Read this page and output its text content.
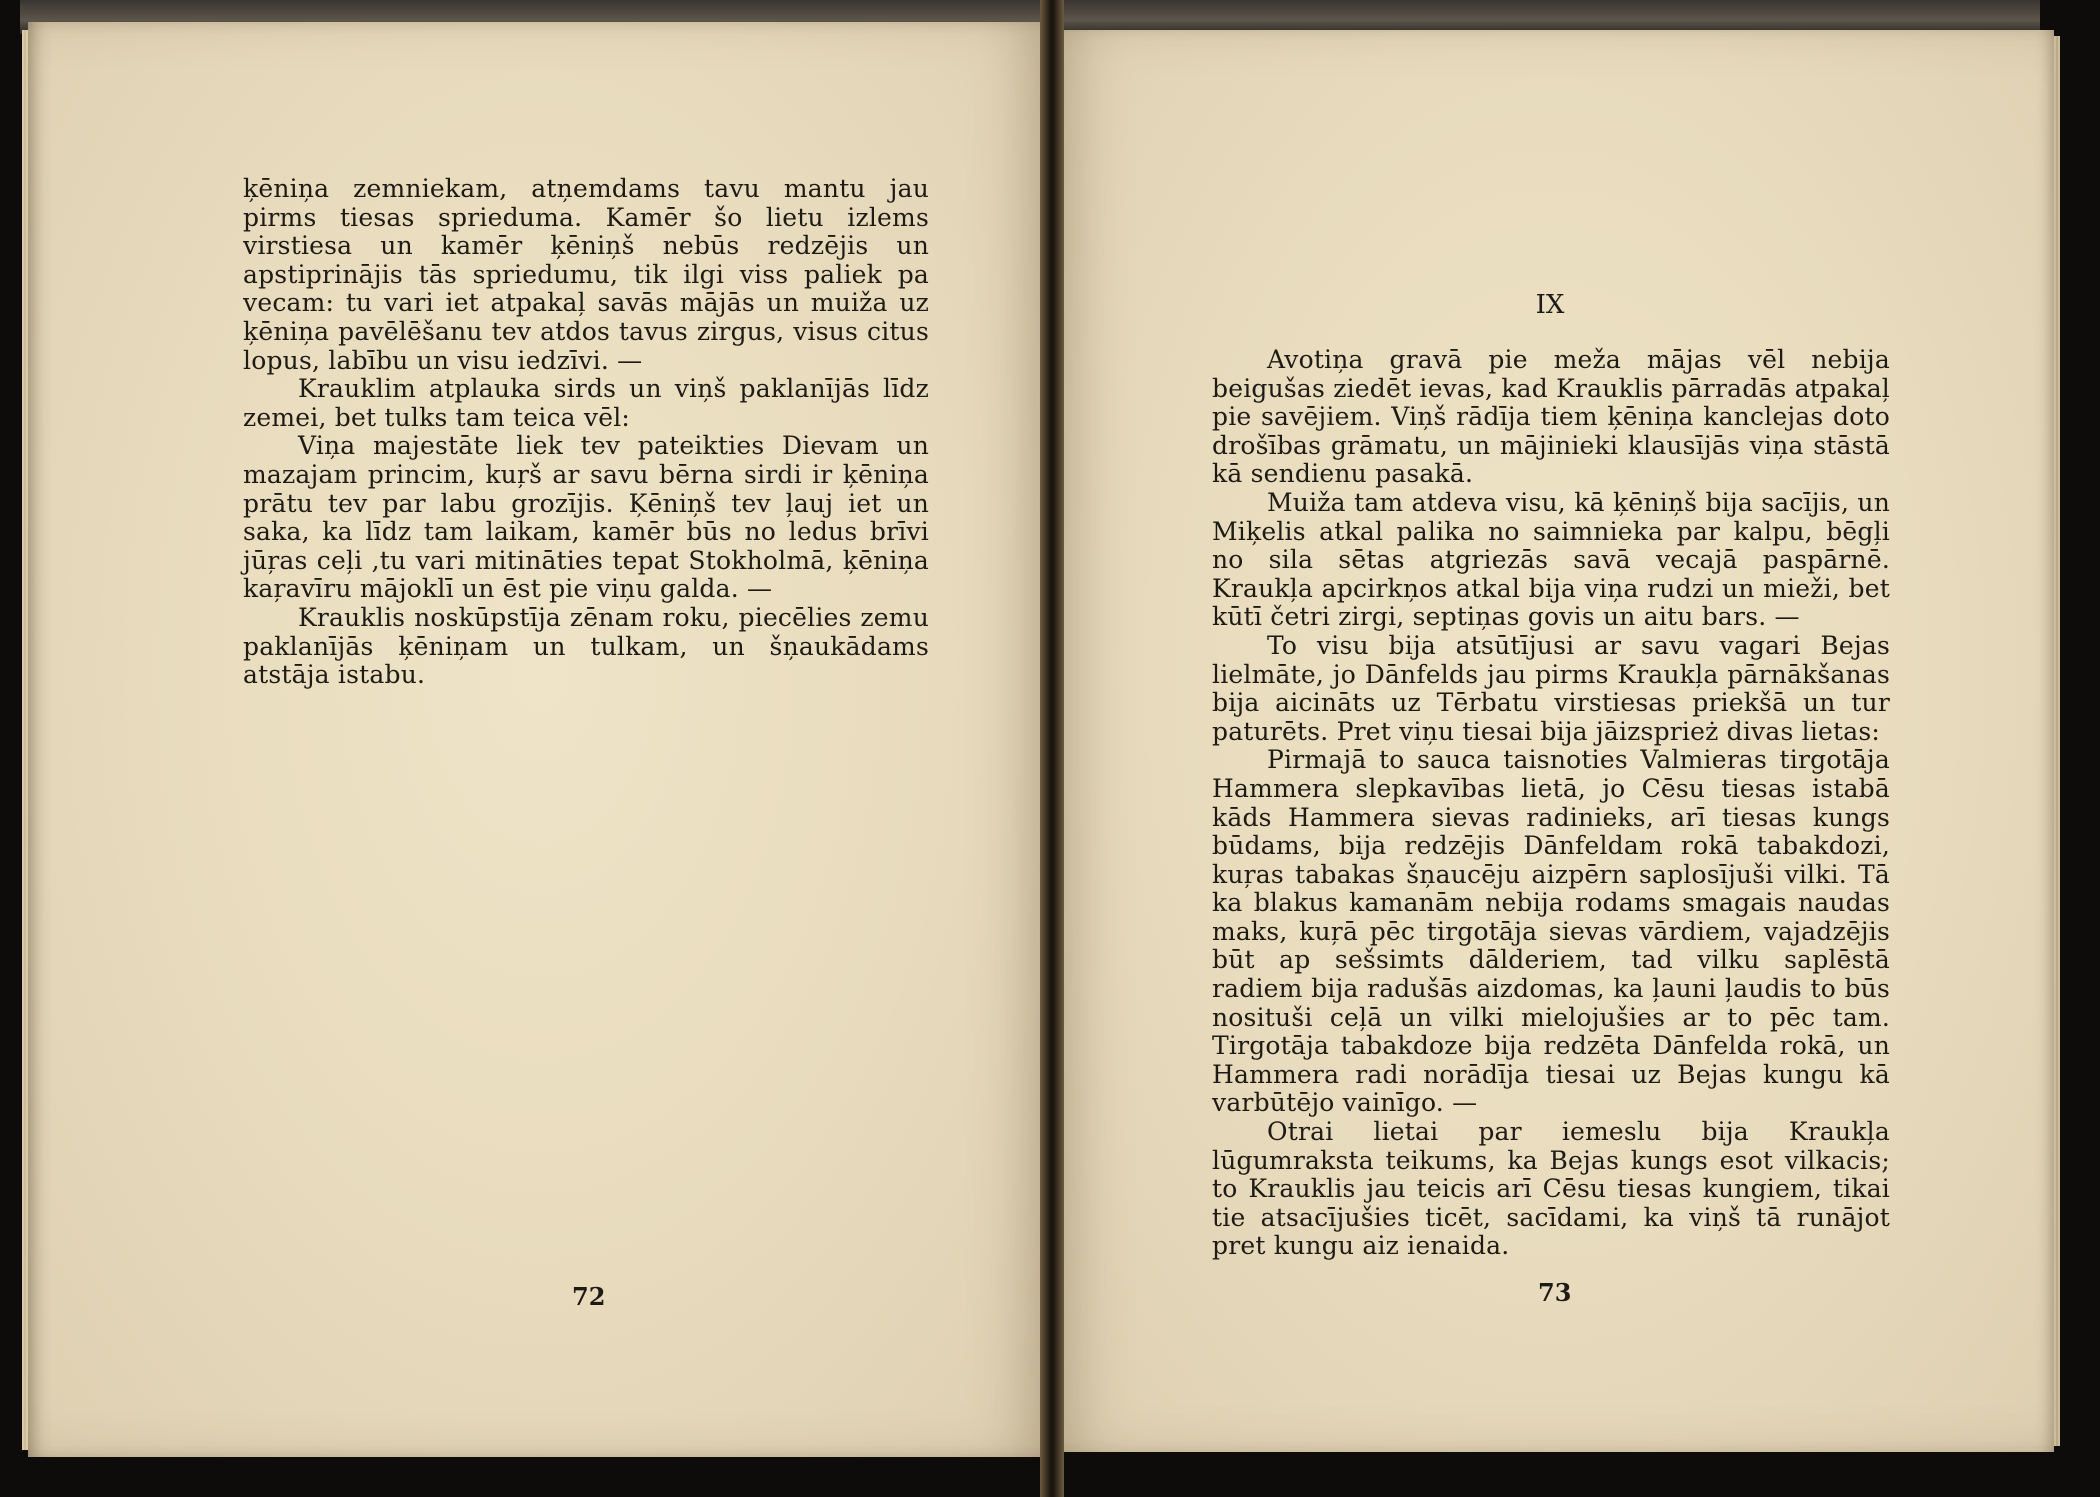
ķēniņa zemniekam, atņemdams tavu mantu jau pirms tiesas sprieduma. Kamēr šo lietu izlems virstiesa un kamēr ķēniņš nebūs redzējis un apstiprinājis tās spriedumu, tik ilgi viss paliek pa vecam: tu vari iet atpakaļ savās mājās un muiža uz ķēniņa pavēlēšanu tev atdos tavus zirgus, visus citus lopus, labību un visu iedzīvi. —

Krauklim atplauka sirds un viņš paklanījās līdz zemei, bet tulks tam teica vēl:

Viņa majestāte liek tev pateikties Dievam un mazajam princim, kuŗš ar savu bērna sirdi ir ķēniņa prātu tev par labu grozījis. Ķēniņš tev ļauj iet un saka, ka līdz tam laikam, kamēr būs no ledus brīvi jūŗas ceļi ,tu vari mitināties tepat Stokholmā, ķēniņa kaŗavīru mājoklī un ēst pie viņu galda. —

Krauklis noskūpstīja zēnam roku, piecēlies zemu paklanījās ķēniņam un tulkam, un šņaukādams atstāja istabu.

72
IX

Avotiņa gravā pie meža mājas vēl nebija beigušas ziedēt ievas, kad Krauklis pārradās atpakaļ pie savējiem. Viņš rādīja tiem ķēniņa kanclejas doto drošības grāmatu, un mājinieki klausījās viņa stāstā kā sendienu pasakā.

Muiža tam atdeva visu, kā ķēniņš bija sacījis, un Miķelis atkal palika no saimnieka par kalpu, bēgļi no sila sētas atgriezās savā vecajā paspārnē. Kraukļa apcirkņos atkal bija viņa rudzi un mieži, bet kūtī četri zirgi, septiņas govis un aitu bars. —

To visu bija atsūtījusi ar savu vagari Bejas lielmāte, jo Dānfelds jau pirms Kraukļa pārnākšanas bija aicināts uz Tērbatu virstiesas priekšā un tur paturēts. Pret viņu tiesai bija jāizsprież divas lietas:

Pirmajā to sauca taisnoties Valmieras tirgotāja Hammera slepkavības lietā, jo Cēsu tiesas istabā kāds Hammera sievas radinieks, arī tiesas kungs būdams, bija redzējis Dānfeldam rokā tabakdozi, kuŗas tabakas šņaucēju aizpērn saplosījuši vilki. Tā ka blakus kamanām nebija rodams smagais naudas maks, kuŗā pēc tirgotāja sievas vārdiem, vajadzējis būt ap sešsimts dālderiem, tad vilku saplēstā radiem bija radušās aizdomas, ka ļauni ļaudis to būs nosituši ceļā un vilki mielojušies ar to pēc tam. Tirgotāja tabakdoze bija redzēta Dānfelda rokā, un Hammera radi norādīja tiesai uz Bejas kungu kā varbūtējo vainīgo. —

Otrai lietai par iemeslu bija Kraukļa lūgumraksta teikums, ka Bejas kungs esot vilkacis; to Krauklis jau teicis arī Cēsu tiesas kungiem, tikai tie atsacījušies ticēt, sacīdami, ka viņš tā runājot pret kungu aiz ienaida.

73
